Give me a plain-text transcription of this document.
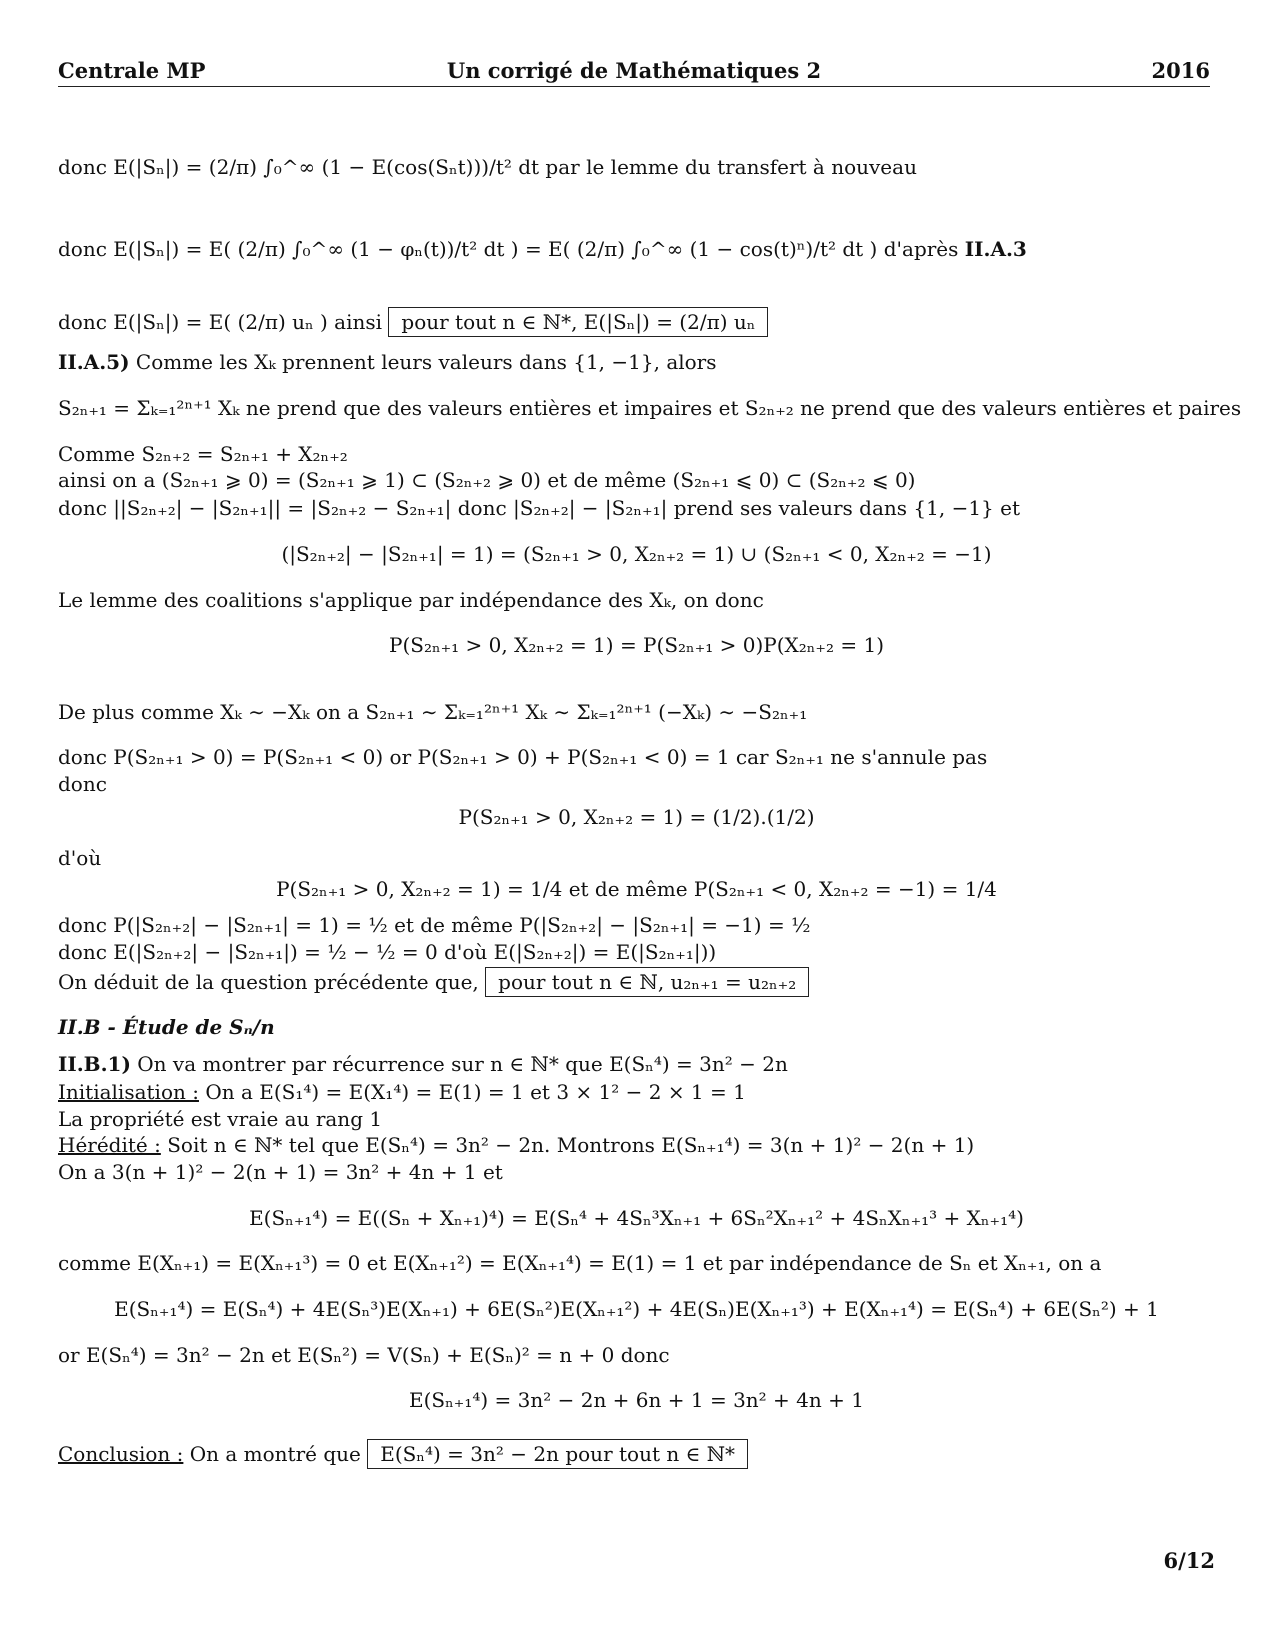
Centrale MP	Un corrigé de Mathématiques 2	2016
donc E(|Sₙ|) = (2/π) ∫₀^∞ (1 − E(cos(Sₙt)))/t² dt par le lemme du transfert à nouveau
donc E(|Sₙ|) = E( (2/π) ∫₀^∞ (1 − φₙ(t))/t² dt ) = E( (2/π) ∫₀^∞ (1 − cos(t)ⁿ)/t² dt ) d'après II.A.3
donc E(|Sₙ|) = E( (2/π) uₙ ) ainsi pour tout n ∈ ℕ*, E(|Sₙ|) = (2/π) uₙ
II.A.5) Comme les Xₖ prennent leurs valeurs dans {1, −1}, alors
S₂ₙ₊₁ = Σₖ₌₁²ⁿ⁺¹ Xₖ ne prend que des valeurs entières et impaires et S₂ₙ₊₂ ne prend que des valeurs entières et paires
Comme S₂ₙ₊₂ = S₂ₙ₊₁ + X₂ₙ₊₂
ainsi on a (S₂ₙ₊₁ ⩾ 0) = (S₂ₙ₊₁ ⩾ 1) ⊂ (S₂ₙ₊₂ ⩾ 0) et de même (S₂ₙ₊₁ ⩽ 0) ⊂ (S₂ₙ₊₂ ⩽ 0)
donc ||S₂ₙ₊₂| − |S₂ₙ₊₁|| = |S₂ₙ₊₂ − S₂ₙ₊₁| donc |S₂ₙ₊₂| − |S₂ₙ₊₁| prend ses valeurs dans {1, −1} et
(|S₂ₙ₊₂| − |S₂ₙ₊₁| = 1) = (S₂ₙ₊₁ > 0, X₂ₙ₊₂ = 1) ∪ (S₂ₙ₊₁ < 0, X₂ₙ₊₂ = −1)
Le lemme des coalitions s'applique par indépendance des Xₖ, on donc
P(S₂ₙ₊₁ > 0, X₂ₙ₊₂ = 1) = P(S₂ₙ₊₁ > 0)P(X₂ₙ₊₂ = 1)
De plus comme Xₖ ∼ −Xₖ on a S₂ₙ₊₁ ∼ Σₖ₌₁²ⁿ⁺¹ Xₖ ∼ Σₖ₌₁²ⁿ⁺¹ (−Xₖ) ∼ −S₂ₙ₊₁
donc P(S₂ₙ₊₁ > 0) = P(S₂ₙ₊₁ < 0) or P(S₂ₙ₊₁ > 0) + P(S₂ₙ₊₁ < 0) = 1 car S₂ₙ₊₁ ne s'annule pas
donc
P(S₂ₙ₊₁ > 0, X₂ₙ₊₂ = 1) = (1/2).(1/2)
d'où
P(S₂ₙ₊₁ > 0, X₂ₙ₊₂ = 1) = 1/4 et de même P(S₂ₙ₊₁ < 0, X₂ₙ₊₂ = −1) = 1/4
donc P(|S₂ₙ₊₂| − |S₂ₙ₊₁| = 1) = ½ et de même P(|S₂ₙ₊₂| − |S₂ₙ₊₁| = −1) = ½
donc E(|S₂ₙ₊₂| − |S₂ₙ₊₁|) = ½ − ½ = 0 d'où E(|S₂ₙ₊₂|) = E(|S₂ₙ₊₁|))
On déduit de la question précédente que, pour tout n ∈ ℕ, u₂ₙ₊₁ = u₂ₙ₊₂
II.B - Étude de Sₙ/n
II.B.1) On va montrer par récurrence sur n ∈ ℕ* que E(Sₙ⁴) = 3n² − 2n
Initialisation : On a E(S₁⁴) = E(X₁⁴) = E(1) = 1 et 3 × 1² − 2 × 1 = 1
La propriété est vraie au rang 1
Hérédité : Soit n ∈ ℕ* tel que E(Sₙ⁴) = 3n² − 2n. Montrons E(Sₙ₊₁⁴) = 3(n + 1)² − 2(n + 1)
On a 3(n + 1)² − 2(n + 1) = 3n² + 4n + 1 et
E(Sₙ₊₁⁴) = E((Sₙ + Xₙ₊₁)⁴) = E(Sₙ⁴ + 4Sₙ³Xₙ₊₁ + 6Sₙ²Xₙ₊₁² + 4SₙXₙ₊₁³ + Xₙ₊₁⁴)
comme E(Xₙ₊₁) = E(Xₙ₊₁³) = 0 et E(Xₙ₊₁²) = E(Xₙ₊₁⁴) = E(1) = 1 et par indépendance de Sₙ et Xₙ₊₁, on a
E(Sₙ₊₁⁴) = E(Sₙ⁴) + 4E(Sₙ³)E(Xₙ₊₁) + 6E(Sₙ²)E(Xₙ₊₁²) + 4E(Sₙ)E(Xₙ₊₁³) + E(Xₙ₊₁⁴) = E(Sₙ⁴) + 6E(Sₙ²) + 1
or E(Sₙ⁴) = 3n² − 2n et E(Sₙ²) = V(Sₙ) + E(Sₙ)² = n + 0 donc
E(Sₙ₊₁⁴) = 3n² − 2n + 6n + 1 = 3n² + 4n + 1
Conclusion : On a montré que E(Sₙ⁴) = 3n² − 2n pour tout n ∈ ℕ*
6/12
